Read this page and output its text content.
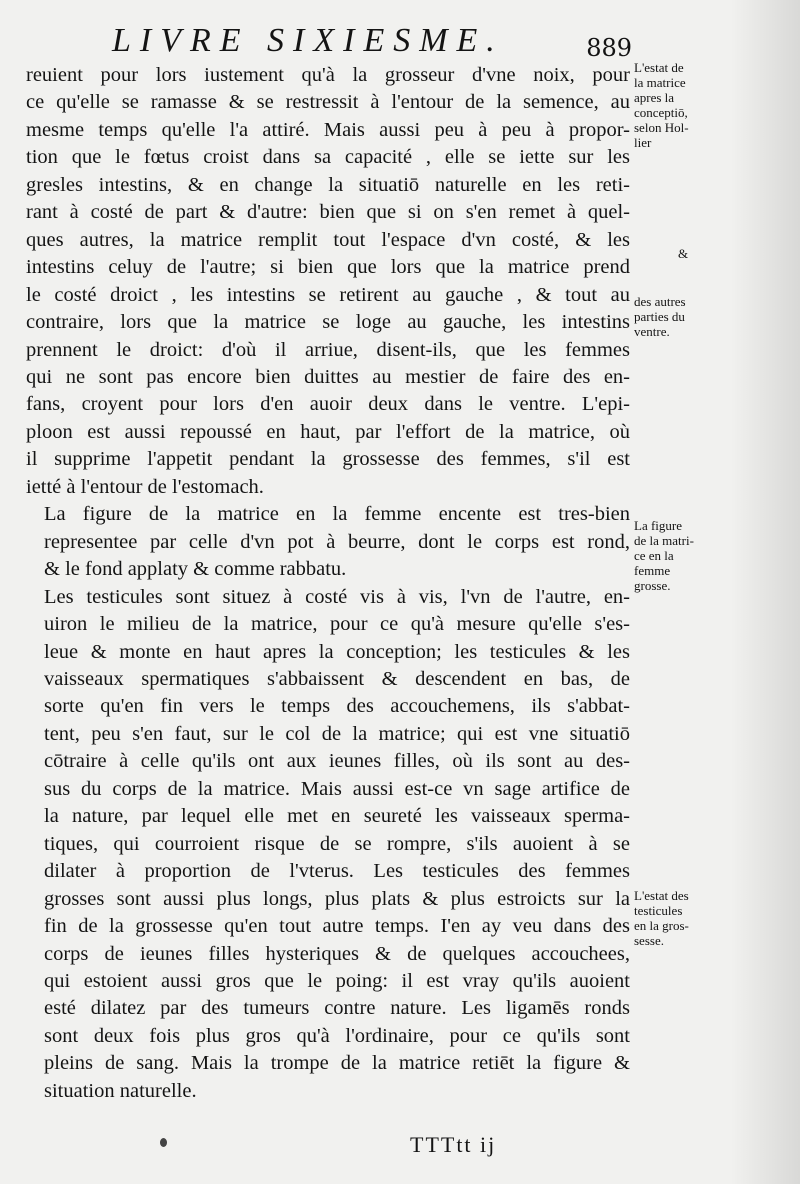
LIVRE SIXIESME.	889

reuient pour lors iustement qu'à la grosseur d'vne noix, pour
ce qu'elle se ramasse & se restressit à l'entour de la semence, au
mesme temps qu'elle l'a attiré. Mais aussi peu à peu à propor-
tion que le fœtus croist dans sa capacité , elle se iette sur les
gresles intestins, & en change la situatiō naturelle en les reti-
rant à costé de part & d'autre: bien que si on s'en remet à quel-
ques autres, la matrice remplit tout l'espace d'vn costé, & les
intestins celuy de l'autre; si bien que lors que la matrice prend
le costé droict , les intestins se retirent au gauche , & tout au
contraire, lors que la matrice se loge au gauche, les intestins
prennent le droict: d'où il arriue, disent-ils, que les femmes
qui ne sont pas encore bien duittes au mestier de faire des en-
fans, croyent pour lors d'en auoir deux dans le ventre. L'epi-
ploon est aussi repoussé en haut, par l'effort de la matrice, où
il supprime l'appetit pendant la grossesse des femmes, s'il est
ietté à l'entour de l'estomach.

La figure de la matrice en la femme encente est tres-bien
representee par celle d'vn pot à beurre, dont le corps est rond,
& le fond applaty & comme rabbatu.

Les testicules sont situez à costé vis à vis, l'vn de l'autre, en-
uiron le milieu de la matrice, pour ce qu'à mesure qu'elle s'es-
leue & monte en haut apres la conception; les testicules & les
vaisseaux spermatiques s'abbaissent & descendent en bas, de
sorte qu'en fin vers le temps des accouchemens, ils s'abbat-
tent, peu s'en faut, sur le col de la matrice; qui est vne situatiō
cōtraire à celle qu'ils ont aux ieunes filles, où ils sont au des-
sus du corps de la matrice. Mais aussi est-ce vn sage artifice de
la nature, par lequel elle met en seureté les vaisseaux sperma-
tiques, qui courroient risque de se rompre, s'ils auoient à se
dilater à proportion de l'vterus. Les testicules des femmes
grosses sont aussi plus longs, plus plats & plus estroicts sur la
fin de la grossesse qu'en tout autre temps. I'en ay veu dans des
corps de ieunes filles hysteriques & de quelques accouchees,
qui estoient aussi gros que le poing: il est vray qu'ils auoient
esté dilatez par des tumeurs contre nature. Les ligamēs ronds
sont deux fois plus gros qu'à l'ordinaire, pour ce qu'ils sont
pleins de sang. Mais la trompe de la matrice retiēt la figure &
situation naturelle.

L'estat de
la matrice
apres la
conceptiō,
selon Hol-
lier
&
des autres
parties du
ventre.
La figure
de la matri-
ce en la
femme
grosse.
L'estat des
testicules
en la gros-
sesse.
TTTtt ij
